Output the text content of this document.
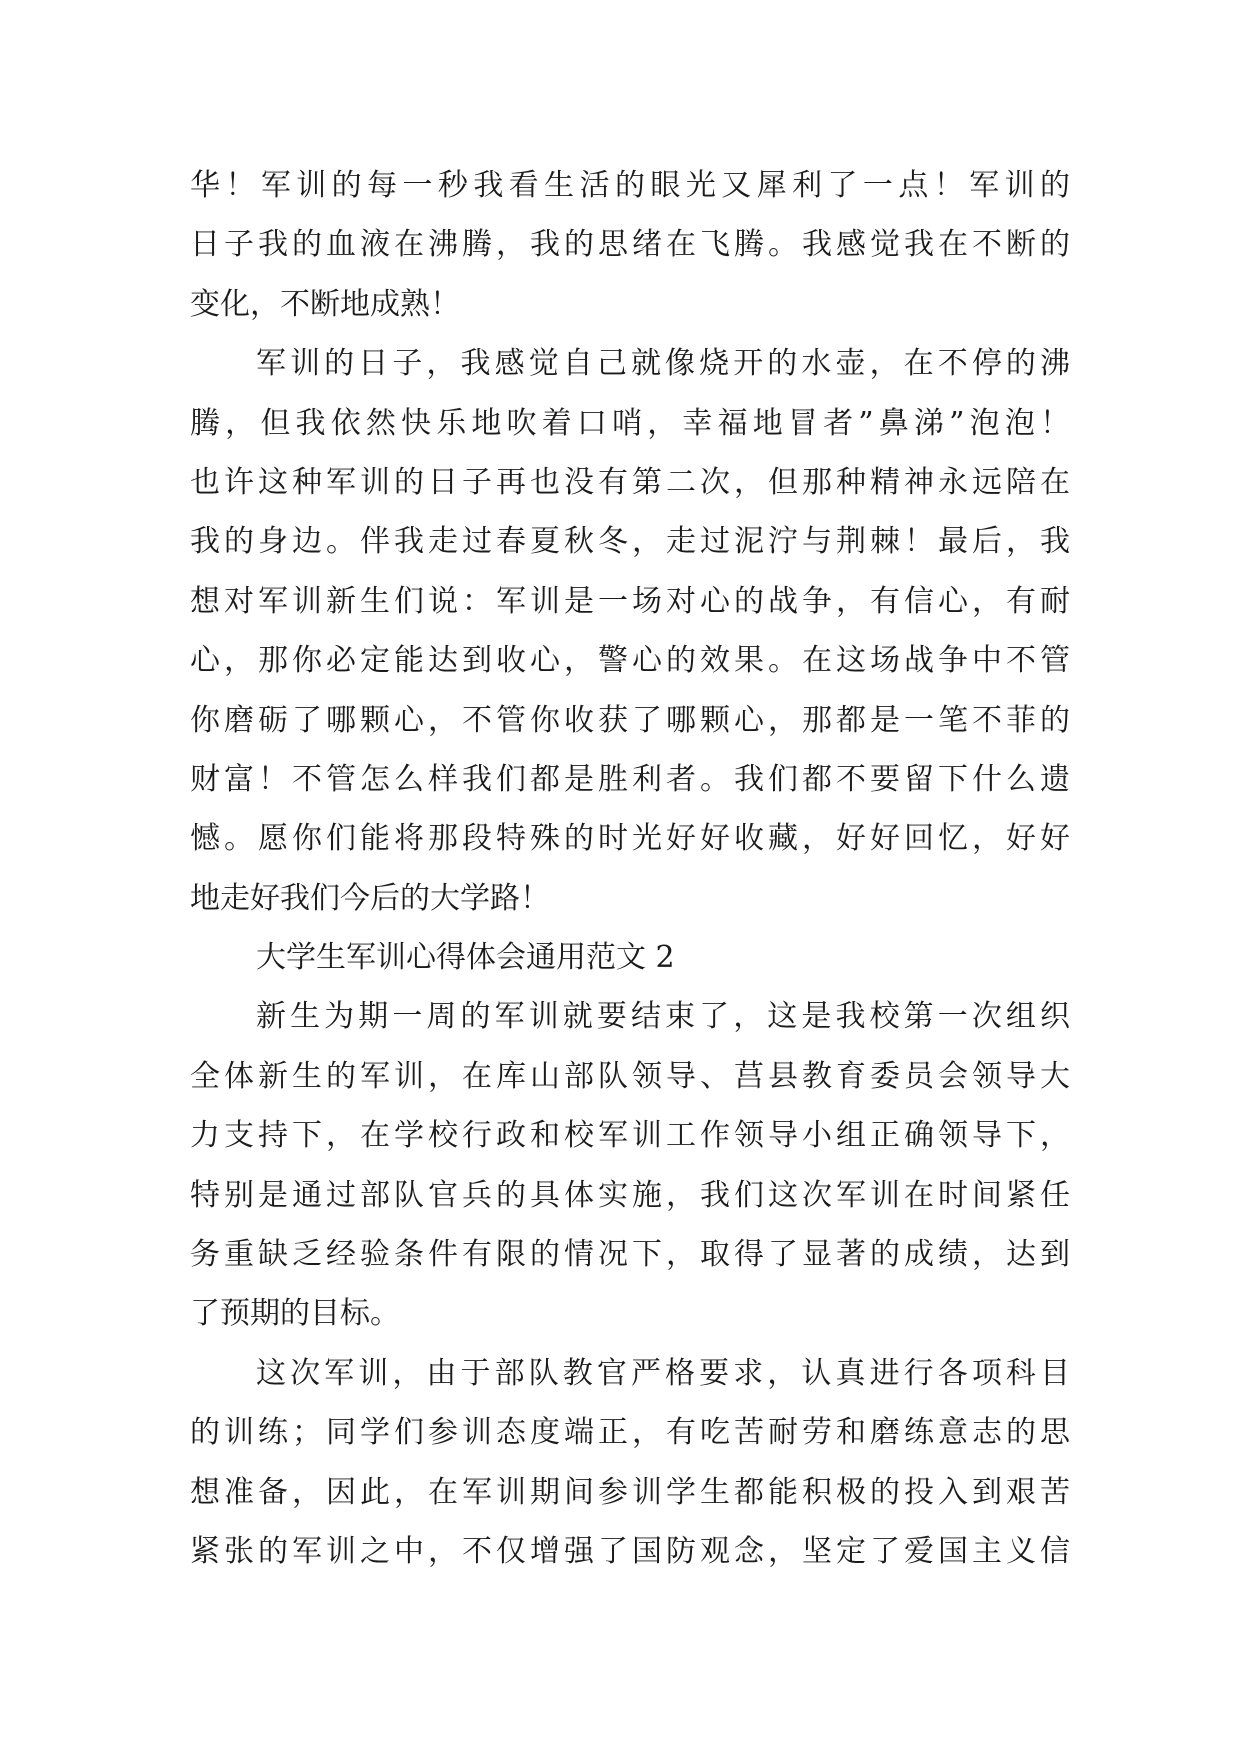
华！军训的每一秒我看生活的眼光又犀利了一点！军训的
日子我的血液在沸腾，我的思绪在飞腾。我感觉我在不断的
变化，不断地成熟！
军训的日子，我感觉自己就像烧开的水壶，在不停的沸
腾，但我依然快乐地吹着口哨，幸福地冒者”鼻涕”泡泡！
也许这种军训的日子再也没有第二次，但那种精神永远陪在
我的身边。伴我走过春夏秋冬，走过泥泞与荆棘！最后，我
想对军训新生们说：军训是一场对心的战争，有信心，有耐
心，那你必定能达到收心，警心的效果。在这场战争中不管
你磨砺了哪颗心，不管你收获了哪颗心，那都是一笔不菲的
财富！不管怎么样我们都是胜利者。我们都不要留下什么遗
憾。愿你们能将那段特殊的时光好好收藏，好好回忆，好好
地走好我们今后的大学路！
大学生军训心得体会通用范文 2
新生为期一周的军训就要结束了，这是我校第一次组织
全体新生的军训，在库山部队领导、莒县教育委员会领导大
力支持下，在学校行政和校军训工作领导小组正确领导下，
特别是通过部队官兵的具体实施，我们这次军训在时间紧任
务重缺乏经验条件有限的情况下，取得了显著的成绩，达到
了预期的目标。
这次军训，由于部队教官严格要求，认真进行各项科目
的训练；同学们参训态度端正，有吃苦耐劳和磨练意志的思
想准备，因此，在军训期间参训学生都能积极的投入到艰苦
紧张的军训之中，不仅增强了国防观念，坚定了爱国主义信
